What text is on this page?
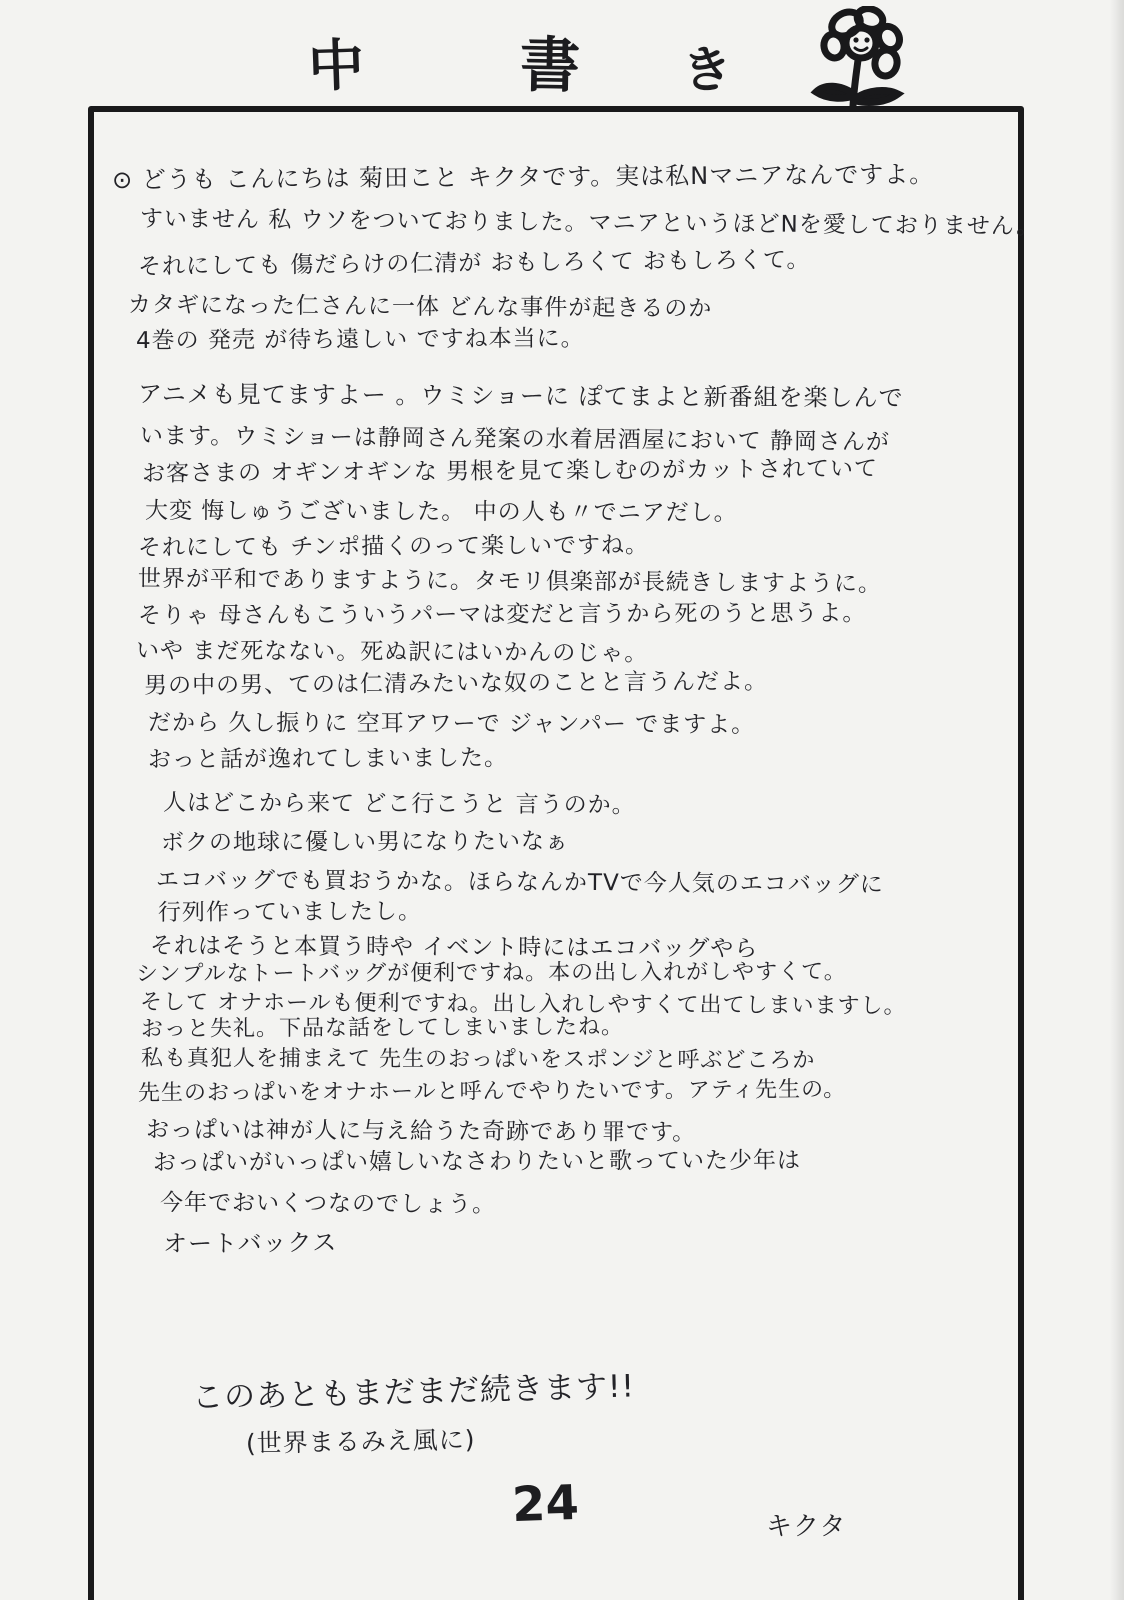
中	書 き
⊙ どうも こんにちは 菊田こと キクタです。実は私Nマニアなんですよ。
すいません 私 ウソをついておりました。マニアというほどNを愛しておりません。
それにしても 傷だらけの仁清が おもしろくて おもしろくて。
カタギになった仁さんに一体 どんな事件が起きるのか
4巻の 発売 が待ち遠しい ですね本当に。
アニメも見てますよー 。ウミショーに ぽてまよと新番組を楽しんで
います。ウミショーは静岡さん発案の水着居酒屋において 静岡さんが
お客さまの オギンオギンな 男根を見て楽しむのがカットされていて
大変 悔しゅうございました。 中の人も〃でニアだし。
それにしても チンポ描くのって楽しいですね。
世界が平和でありますように。タモリ倶楽部が長続きしますように。
そりゃ 母さんもこういうパーマは変だと言うから死のうと思うよ。
いや まだ死なない。死ぬ訳にはいかんのじゃ。
男の中の男、てのは仁清みたいな奴のことと言うんだよ。
だから 久し振りに 空耳アワーで ジャンパー でますよ。
おっと話が逸れてしまいました。
人はどこから来て どこ行こうと 言うのか。
ボクの地球に優しい男になりたいなぁ
エコバッグでも買おうかな。ほらなんかTVで今人気のエコバッグに
行列作っていましたし。
それはそうと本買う時や イベント時にはエコバッグやら
シンプルなトートバッグが便利ですね。本の出し入れがしやすくて。
そして オナホールも便利ですね。出し入れしやすくて出てしまいますし。
おっと失礼。下品な話をしてしまいましたね。
私も真犯人を捕まえて 先生のおっぱいをスポンジと呼ぶどころか
先生のおっぱいをオナホールと呼んでやりたいです。アティ先生の。
おっぱいは神が人に与え給うた奇跡であり罪です。
おっぱいがいっぱい嬉しいなさわりたいと歌っていた少年は
今年でおいくつなのでしょう。
オートバックス
このあともまだまだ続きます!!
(世界まるみえ風に)
24	キクタ
